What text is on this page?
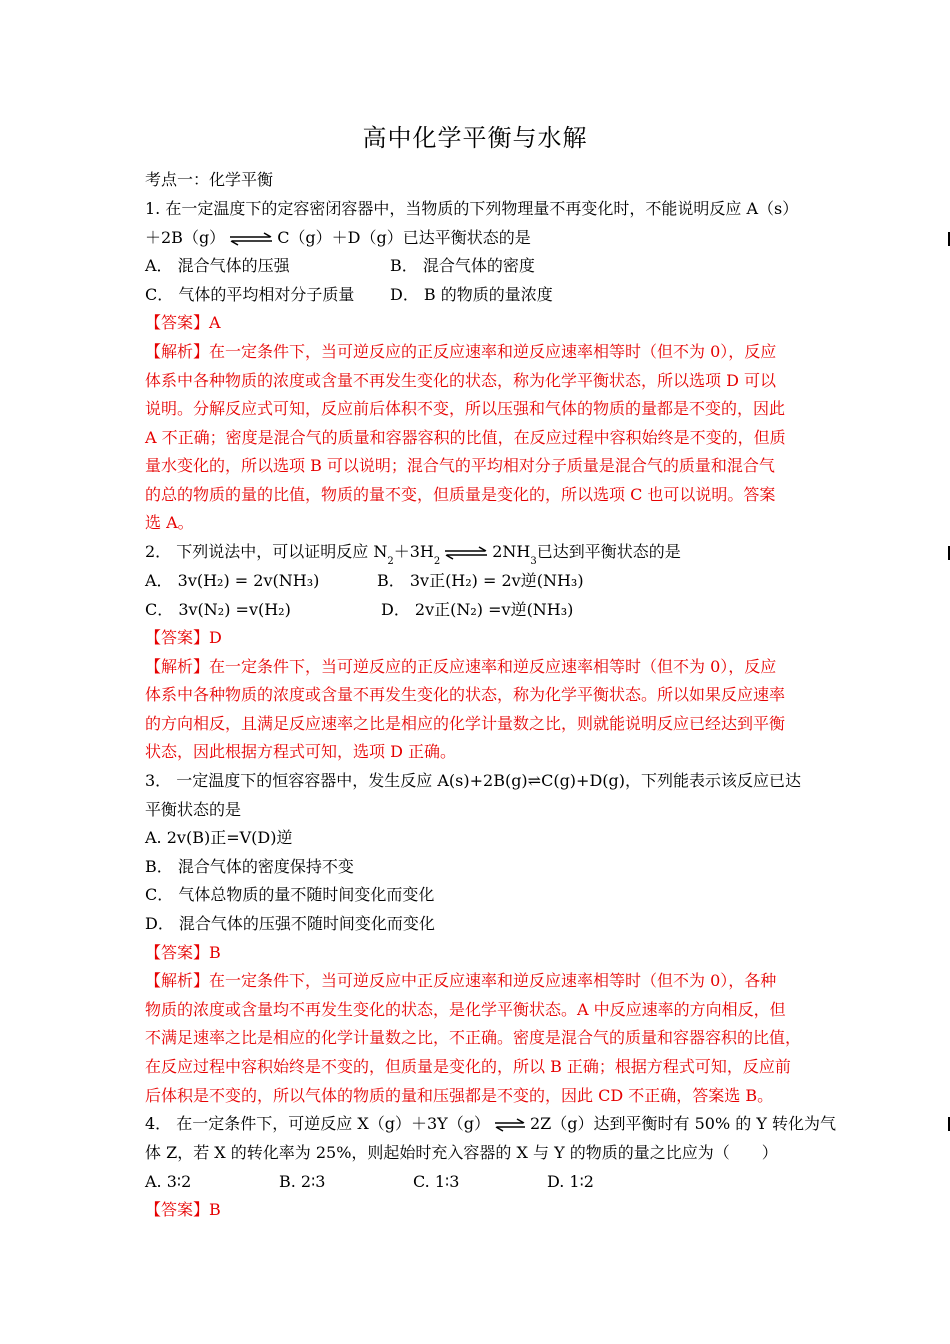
高中化学平衡与水解
考点一：化学平衡
1. 在一定温度下的定容密闭容器中，当物质的下列物理量不再变化时，不能说明反应 A（s）
＋2B（g） ⇌ C（g）＋D（g）已达平衡状态的是
A． 混合气体的压强	B． 混合气体的密度
C． 气体的平均相对分子质量 D． B 的物质的量浓度
【答案】A
【解析】在一定条件下，当可逆反应的正反应速率和逆反应速率相等时（但不为 0），反应
体系中各种物质的浓度或含量不再发生变化的状态，称为化学平衡状态，所以选项 D 可以
说明。分解反应式可知，反应前后体积不变，所以压强和气体的物质的量都是不变的，因此
A 不正确；密度是混合气的质量和容器容积的比值，在反应过程中容积始终是不变的，但质
量水变化的，所以选项 B 可以说明；混合气的平均相对分子质量是混合气的质量和混合气
的总的物质的量的比值，物质的量不变，但质量是变化的，所以选项 C 也可以说明。答案
选 A。
2． 下列说法中，可以证明反应 $N_2+3H_2\rightleftharpoons$ $2NH_3$已达到平衡状态的是
A． 3v(H₂) = 2v(NH₃)	B． 3v正(H₂) = 2v逆(NH₃)
C． 3v(N₂) =v(H₂)	D． 2v正(N₂) =v逆(NH₃)
【答案】D
【解析】在一定条件下，当可逆反应的正反应速率和逆反应速率相等时（但不为 0），反应
体系中各种物质的浓度或含量不再发生变化的状态，称为化学平衡状态。所以如果反应速率
的方向相反，且满足反应速率之比是相应的化学计量数之比，则就能说明反应已经达到平衡
状态，因此根据方程式可知，选项 D 正确。
3． 一定温度下的恒容容器中，发生反应 A(s)+2B(g)⇌C(g)+D(g)，下列能表示该反应已达
平衡状态的是
A. 2v(B)正=V(D)逆
B． 混合气体的密度保持不变
C． 气体总物质的量不随时间变化而变化
D． 混合气体的压强不随时间变化而变化
【答案】B
【解析】在一定条件下，当可逆反应中正反应速率和逆反应速率相等时（但不为 0），各种
物质的浓度或含量均不再发生变化的状态，是化学平衡状态。A 中反应速率的方向相反，但
不满足速率之比是相应的化学计量数之比，不正确。密度是混合气的质量和容器容积的比值，
在反应过程中容积始终是不变的，但质量是变化的，所以 B 正确；根据方程式可知，反应前
后体积是不变的，所以气体的物质的量和压强都是不变的，因此 CD 不正确，答案选 B。
4． 在一定条件下，可逆反应 X（g）＋3Y（g） ⇌ 2Z（g）达到平衡时有 50% 的 Y 转化为气
体 Z，若 X 的转化率为 25%，则起始时充入容器的 X 与 Y 的物质的量之比应为（　　）
A. 3∶2	B. 2∶3	C. 1∶3	D. 1∶2
【答案】B
